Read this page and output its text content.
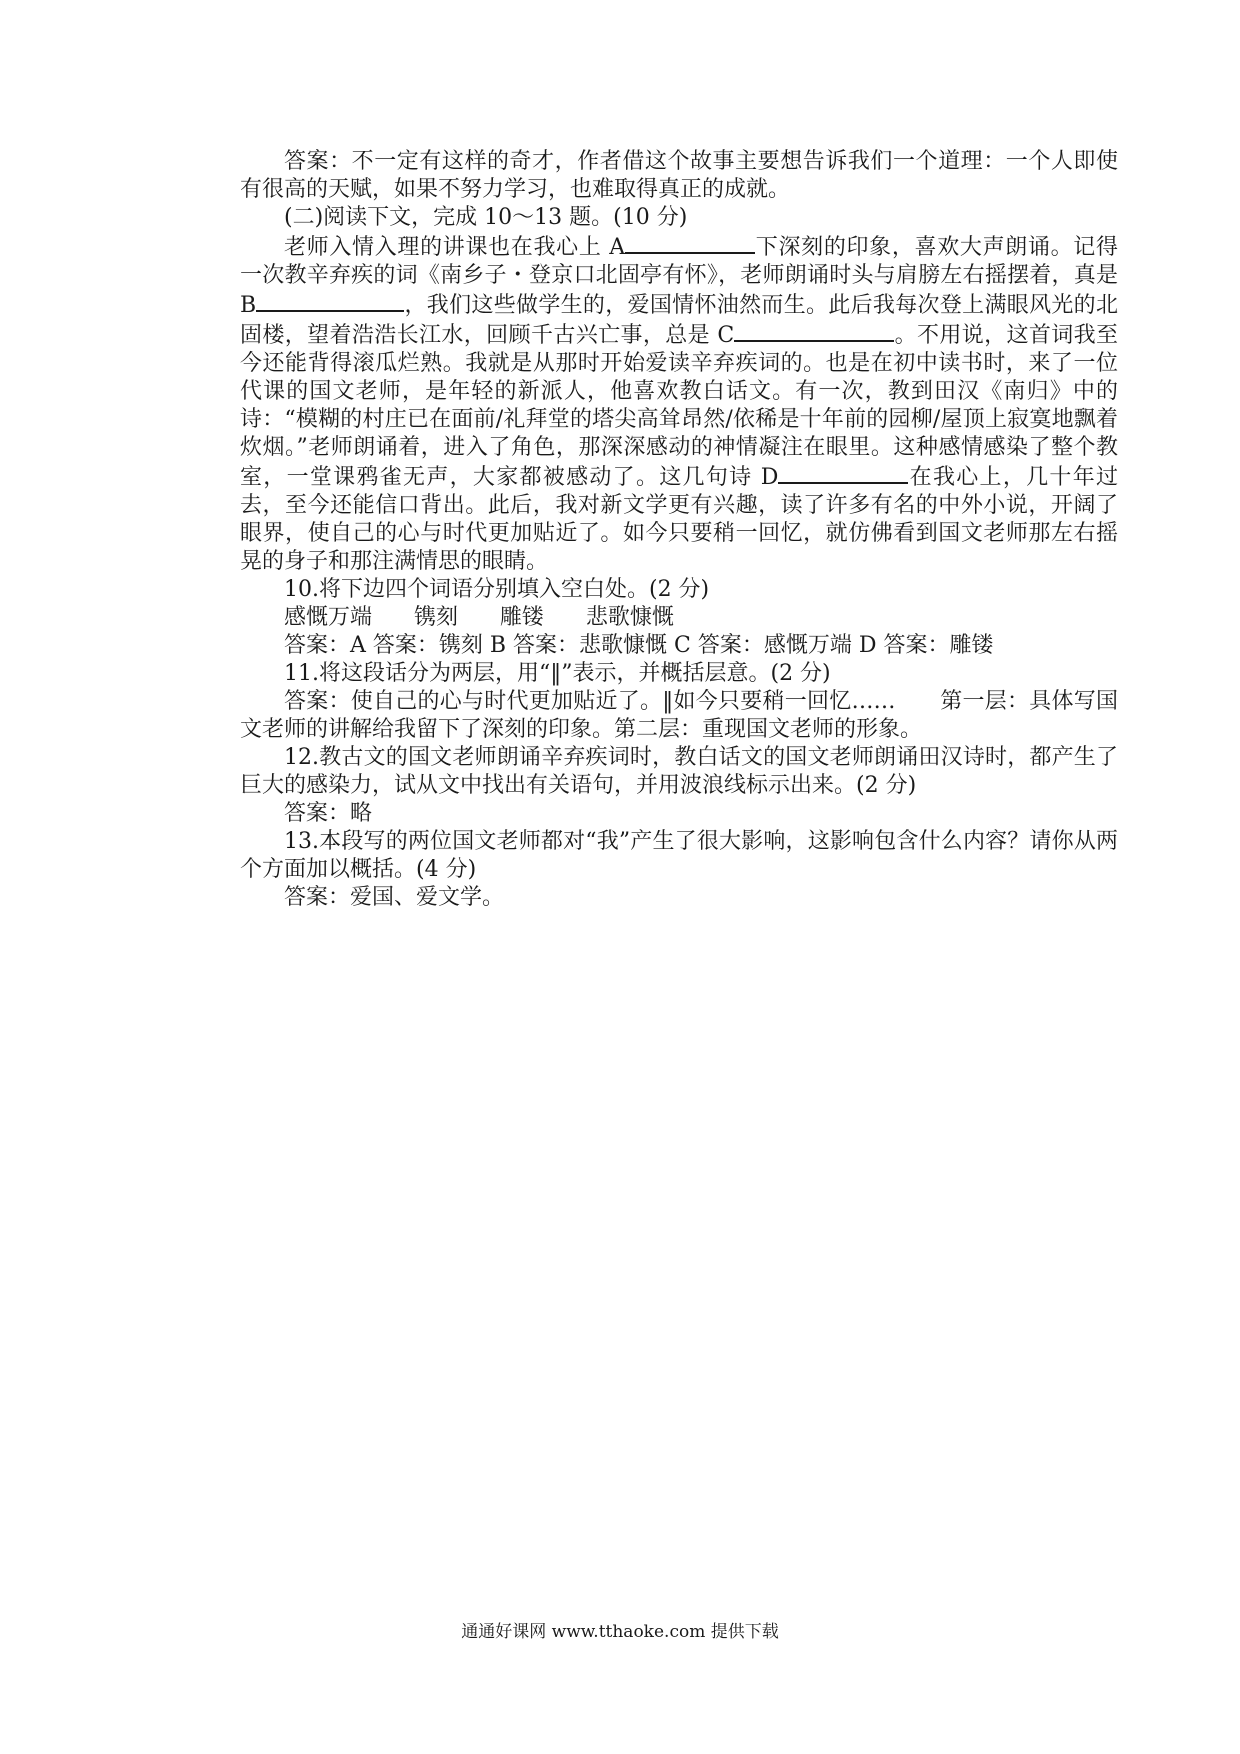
答案：不一定有这样的奇才，作者借这个故事主要想告诉我们一个道理：一个人即使有很高的天赋，如果不努力学习，也难取得真正的成就。

(二)阅读下文，完成 10～13 题。(10 分)

老师入情入理的讲课也在我心上 A	下深刻的印象，喜欢大声朗诵。记得一次教辛弃疾的词《南乡子・登京口北固亭有怀》，老师朗诵时头与肩膀左右摇摆着，真是 B	，我们这些做学生的，爱国情怀油然而生。此后我每次登上满眼风光的北固楼，望着浩浩长江水，回顾千古兴亡事，总是 C	。不用说，这首词我至今还能背得滚瓜烂熟。我就是从那时开始爱读辛弃疾词的。也是在初中读书时，来了一位代课的国文老师，是年轻的新派人，他喜欢教白话文。有一次，教到田汉《南归》中的诗：“模糊的村庄已在面前/礼拜堂的塔尖高耸昂然/依稀是十年前的园柳/屋顶上寂寞地飘着炊烟。”老师朗诵着，进入了角色，那深深感动的神情凝注在眼里。这种感情感染了整个教室，一堂课鸦雀无声，大家都被感动了。这几句诗 D	在我心上，几十年过去，至今还能信口背出。此后，我对新文学更有兴趣，读了许多有名的中外小说，开阔了眼界，使自己的心与时代更加贴近了。如今只要稍一回忆，就仿佛看到国文老师那左右摇晃的身子和那注满情思的眼睛。

10.将下边四个词语分别填入空白处。(2 分)

感慨万端      镌刻      雕镂      悲歌慷慨

答案：A 答案：镌刻 B 答案：悲歌慷慨 C 答案：感慨万端 D 答案：雕镂

11.将这段话分为两层，用“‖”表示，并概括层意。(2 分)

答案：使自己的心与时代更加贴近了。‖如今只要稍一回忆……　　第一层：具体写国文老师的讲解给我留下了深刻的印象。第二层：重现国文老师的形象。

12.教古文的国文老师朗诵辛弃疾词时，教白话文的国文老师朗诵田汉诗时，都产生了巨大的感染力，试从文中找出有关语句，并用波浪线标示出来。(2 分)

答案：略

13.本段写的两位国文老师都对“我”产生了很大影响，这影响包含什么内容？请你从两个方面加以概括。(4 分)

答案：爱国、爱文学。

通通好课网 www.tthaoke.com 提供下载
